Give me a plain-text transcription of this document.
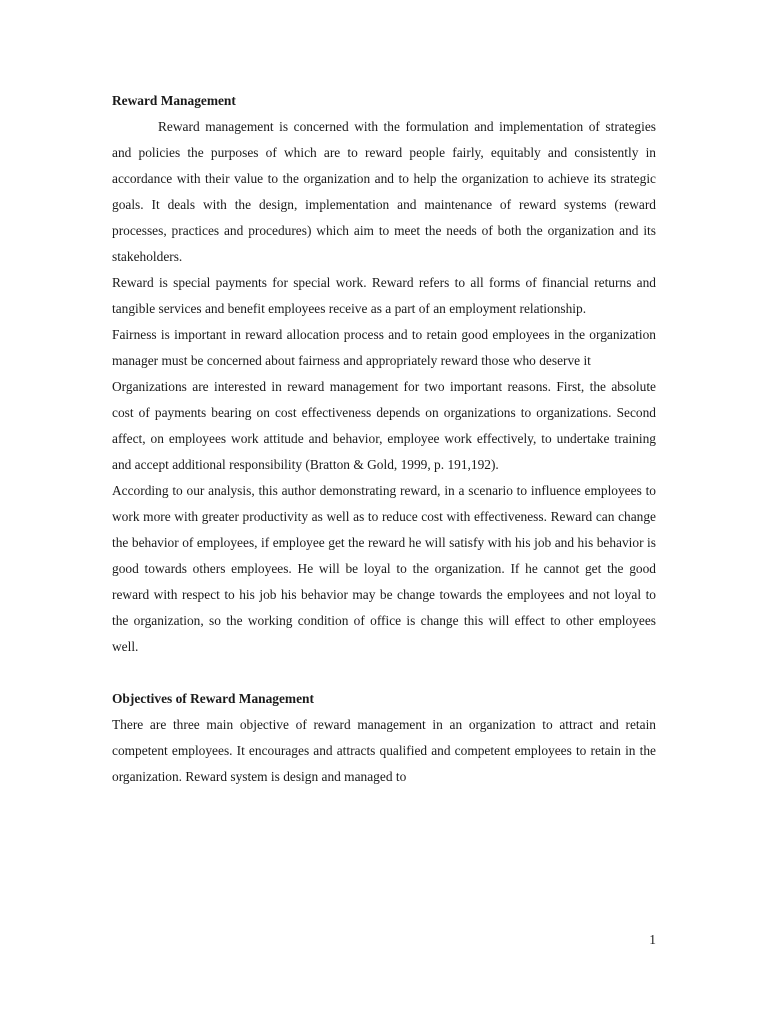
Reward Management

Reward management is concerned with the formulation and implementation of strategies and policies the purposes of which are to reward people fairly, equitably and consistently in accordance with their value to the organization and to help the organization to achieve its strategic goals. It deals with the design, implementation and maintenance of reward systems (reward processes, practices and procedures) which aim to meet the needs of both the organization and its stakeholders.

Reward is special payments for special work. Reward refers to all forms of financial returns and tangible services and benefit employees receive as a part of an employment relationship.

Fairness is important in reward allocation process and to retain good employees in the organization manager must be concerned about fairness and appropriately reward those who deserve it

Organizations are interested in reward management for two important reasons. First, the absolute cost of payments bearing on cost effectiveness depends on organizations to organizations. Second affect, on employees work attitude and behavior, employee work effectively, to undertake training and accept additional responsibility (Bratton & Gold, 1999, p. 191,192).

According to our analysis, this author demonstrating reward, in a scenario to influence employees to work more with greater productivity as well as to reduce cost with effectiveness. Reward can change the behavior of employees, if employee get the reward he will satisfy with his job and his behavior is good towards others employees. He will be loyal to the organization. If he cannot get the good reward with respect to his job his behavior may be change towards the employees and not loyal to the organization, so the working condition of office is change this will effect to other employees well.

Objectives of Reward Management

There are three main objective of reward management in an organization to attract and retain competent employees. It encourages and attracts qualified and competent employees to retain in the organization. Reward system is design and managed to

1
